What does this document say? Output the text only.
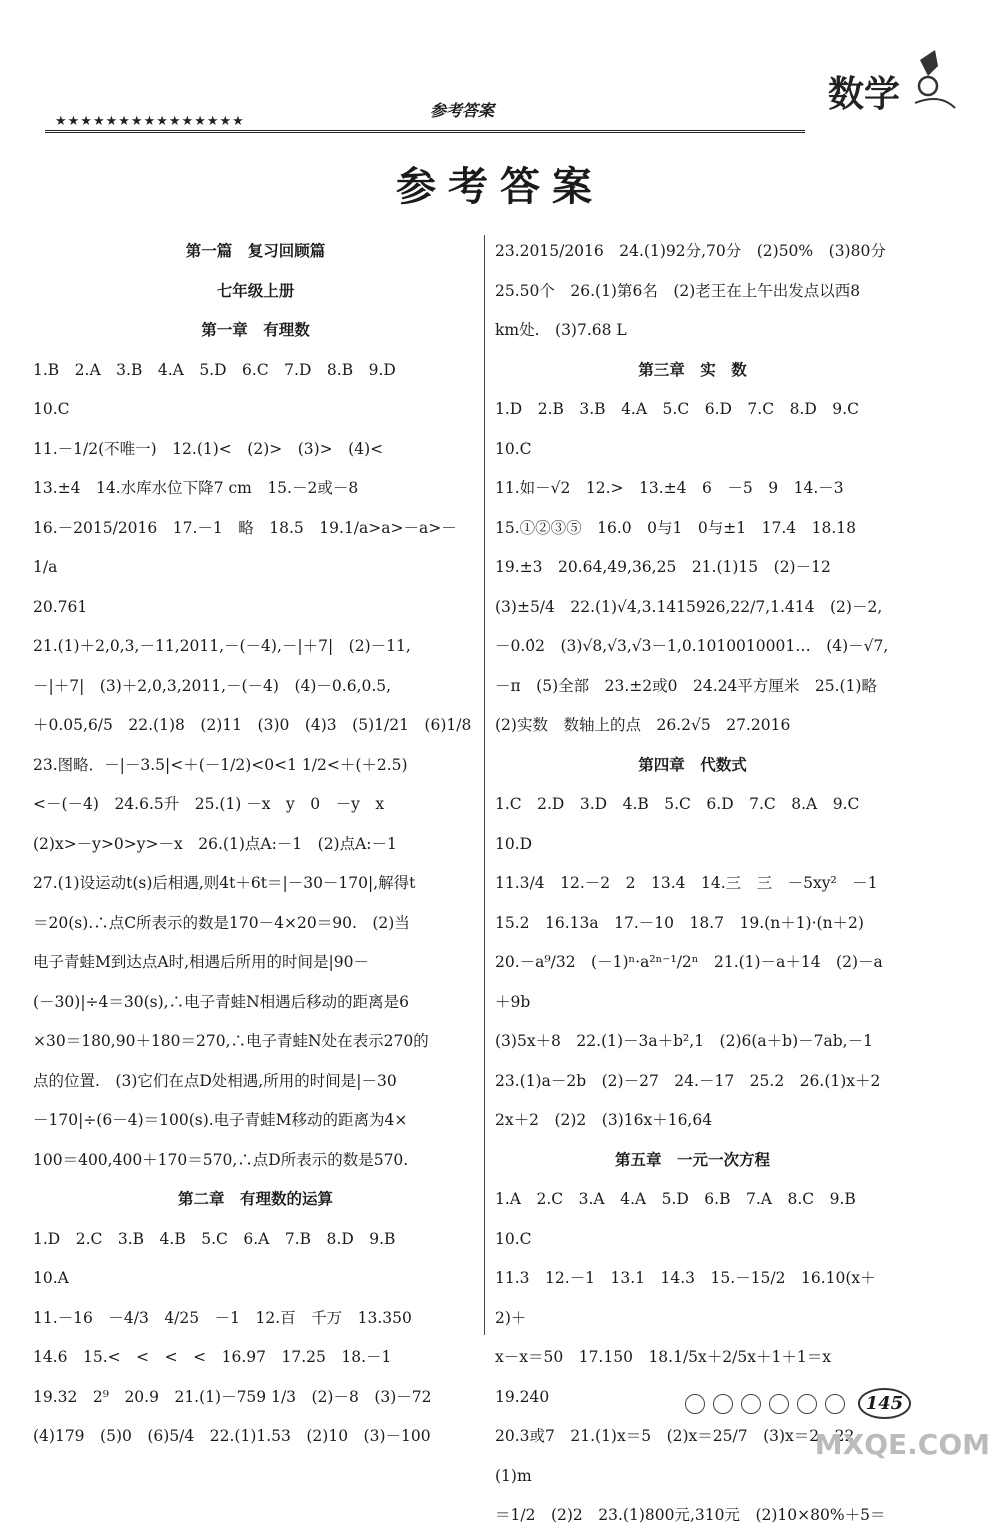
★★★★★★★★★★★★★★★
参考答案	数学
参考答案
第一篇　复习回顾篇
七年级上册
第一章　有理数
1.B　2.A　3.B　4.A　5.D　6.C　7.D　8.B　9.D
10.C
11.－1/2(不唯一)　12.(1)<　(2)>　(3)>　(4)<
13.±4　14.水库水位下降7 cm　15.－2或－8
16.－2015/2016　17.－1　略　18.5　19.1/a>a>－a>－1/a
20.761
21.(1)＋2,0,3,－11,2011,－(－4),－|＋7|　(2)－11,
－|＋7|　(3)＋2,0,3,2011,－(－4)　(4)－0.6,0.5,
＋0.05,6/5　22.(1)8　(2)11　(3)0　(4)3　(5)1/21　(6)1/8
23.图略．－|－3.5|<＋(－1/2)<0<1 1/2<＋(＋2.5)
<－(－4)　24.6.5升　25.(1) －x　y　0　－y　x
(2)x>－y>0>y>－x　26.(1)点A:－1　(2)点A:－1
27.(1)设运动t(s)后相遇,则4t＋6t＝|－30－170|,解得t
＝20(s).∴点C所表示的数是170－4×20＝90.　(2)当
电子青蛙M到达点A时,相遇后所用的时间是|90－
(－30)|÷4＝30(s),∴电子青蛙N相遇后移动的距离是6
×30＝180,90＋180＝270,∴电子青蛙N处在表示270的
点的位置.　(3)它们在点D处相遇,所用的时间是|－30
－170|÷(6－4)＝100(s).电子青蛙M移动的距离为4×
100＝400,400＋170＝570,∴点D所表示的数是570.
第二章　有理数的运算
1.D　2.C　3.B　4.B　5.C　6.A　7.B　8.D　9.B
10.A
11.－16　－4/3　4/25　－1　12.百　千万　13.350
14.6　15.<　<　<　<　16.97　17.25　18.－1
19.32　2⁹　20.9　21.(1)－759 1/3　(2)－8　(3)－72
(4)179　(5)0　(6)5/4　22.(1)1.53　(2)10　(3)－100
23.2015/2016　24.(1)92分,70分　(2)50%　(3)80分
25.50个　26.(1)第6名　(2)老王在上午出发点以西8
km处.　(3)7.68 L
第三章　实　数
1.D　2.B　3.B　4.A　5.C　6.D　7.C　8.D　9.C
10.C
11.如－√2　12.>　13.±4　6　－5　9　14.－3
15.①②③⑤　16.0　0与1　0与±1　17.4　18.18
19.±3　20.64,49,36,25　21.(1)15　(2)－12
(3)±5/4　22.(1)√4,3.1415926,22/7,1.414　(2)－2,
－0.0̇2　(3)√8,√3,√3－1,0.1010010001…　(4)－√7,
－π　(5)全部　23.±2或0　24.24平方厘米　25.(1)略
(2)实数　数轴上的点　26.2√5　27.2016
第四章　代数式
1.C　2.D　3.D　4.B　5.C　6.D　7.C　8.A　9.C
10.D
11.3/4　12.－2　2　13.4　14.三　三　－5xy²　－1
15.2　16.13a　17.－10　18.7　19.(n＋1)·(n＋2)
20.－a⁹/32　(－1)ⁿ·a²ⁿ⁻¹/2ⁿ　21.(1)－a＋14　(2)－a＋9b
(3)5x＋8　22.(1)－3a＋b²,1　(2)6(a＋b)－7ab,－1
23.(1)a－2b　(2)－27　24.－17　25.2　26.(1)x＋2
2x＋2　(2)2　(3)16x＋16,64
第五章　一元一次方程
1.A　2.C　3.A　4.A　5.D　6.B　7.A　8.C　9.B
10.C
11.3　12.－1　13.1　14.3　15.－15/2　16.10(x＋2)＋
x－x＝50　17.150　18.1/5x＋2/5x＋1＋1＝x　19.240
20.3或7　21.(1)x＝5　(2)x＝25/7　(3)x＝2　22.(1)m
＝1/2　(2)2　23.(1)800元,310元　(2)10×80%＋5＝
145
MXQE.COM
